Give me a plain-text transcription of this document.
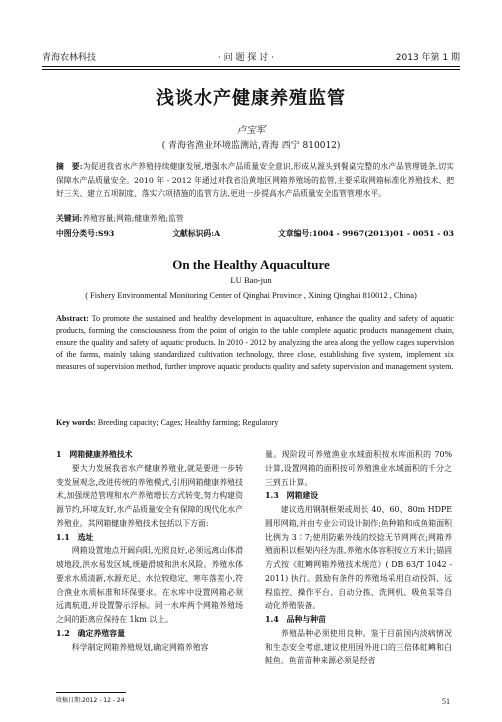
青海农林科技	· 问 题 探 讨 ·	2013 年第 1 期
浅谈水产健康养殖监管
卢宝军
( 青海省渔业环境监测站,青海 西宁 810012)
摘　要:为促进我省水产养殖持续健康发展,增强水产品质量安全意识,形成从源头到餐桌完整的水产品管理链条,切实保障水产品质量安全。2010 年 - 2012 年通过对我省沿黄地区网箱养殖场的监管,主要采取网箱标准化养殖技术、把好三关、建立五项制度、落实六项措施的监管方法,更进一步提高水产品质量安全监管管理水平。
关键词:养殖容量;网箱;健康养殖;监管
中图分类号:S93	文献标识码:A	文章编号:1004 - 9967(2013)01 - 0051 - 03
On the Healthy Aquaculture
LU Bao-jun
( Fishery Environmental Monitoring Center of Qinghai Province , Xining Qinghai 810012 , China)
Abstract: To promote the sustained and healthy development in aquaculture, enhance the quality and safety of aquatic products, forming the consciousness from the point of origin to the table complete aquatic products management chain, ensure the quality and safety of aquatic products. In 2010 - 2012 by analyzing the area along the yellow cages supervision of the farms, mainly taking standardized cultivation technology, three close, establishing five system, implement six measures of supervision method, further improve aquatic products quality and safety supervision and management system.
Key words: Breeding capacity; Cages; Healthy farming; Regulatory
1　网箱健康养殖技术

要大力发展我省水产健康养殖业,就是要进一步转变发展观念,改进传统的养殖模式,引用网箱健康养殖技术,加强规范管理和水产养殖增长方式转变,努力构建资源节约,环境友好,水产品质量安全有保障的现代化水产养殖业。其网箱健康养殖技术包括以下方面:

1.1　选址

网箱设置地点开阔向阳,光照良好,必须远离山体滑坡地段,洪水易发区域,规避滑坡和洪水风险。养殖水体要求水质清新,水源充足、水位较稳定、寒年落差小,符合渔业水质标准和环保要求。在水库中设置网箱必须远离航道,并设置警示浮标。同一水库两个网箱养殖场之间的距离应保持在 1km 以上。

1.2　确定养殖容量

科学制定网箱养殖规划,确定网箱养殖容

量。现阶段可养殖渔业水域面积按水库面积的 70% 计算,设置网箱的面积按可养殖渔业水域面积的千分之三到五计算。

1.3　网箱建设

建议选用钢制框架或周长 40、60、80m HDPE 圆形网箱,并由专业公司设计制作;鱼种箱和成鱼箱面积比例为 3∶7;使用防紫外线的绞捻无节网网衣;网箱养殖面积以框架内径为准,养殖水体容积按立方米计;锚固方式按《虹鳟网箱养殖技术规范》( DB 63/T 1042 - 2011) 执行。鼓励有条件的养殖场采用自动投饵、远程监控、操作平台、自动分拣、洗网机、吸鱼泵等自动化养殖装备。

1.4　品种与种苗

养殖品种必须使用良种。鉴于目前国内淡病情况和生态安全考虑,建议使用国外进口的三倍体虹鳟和白鲑鱼。鱼苗苗种来源必须是经省

收稿日期:2012 - 12 - 24	51
